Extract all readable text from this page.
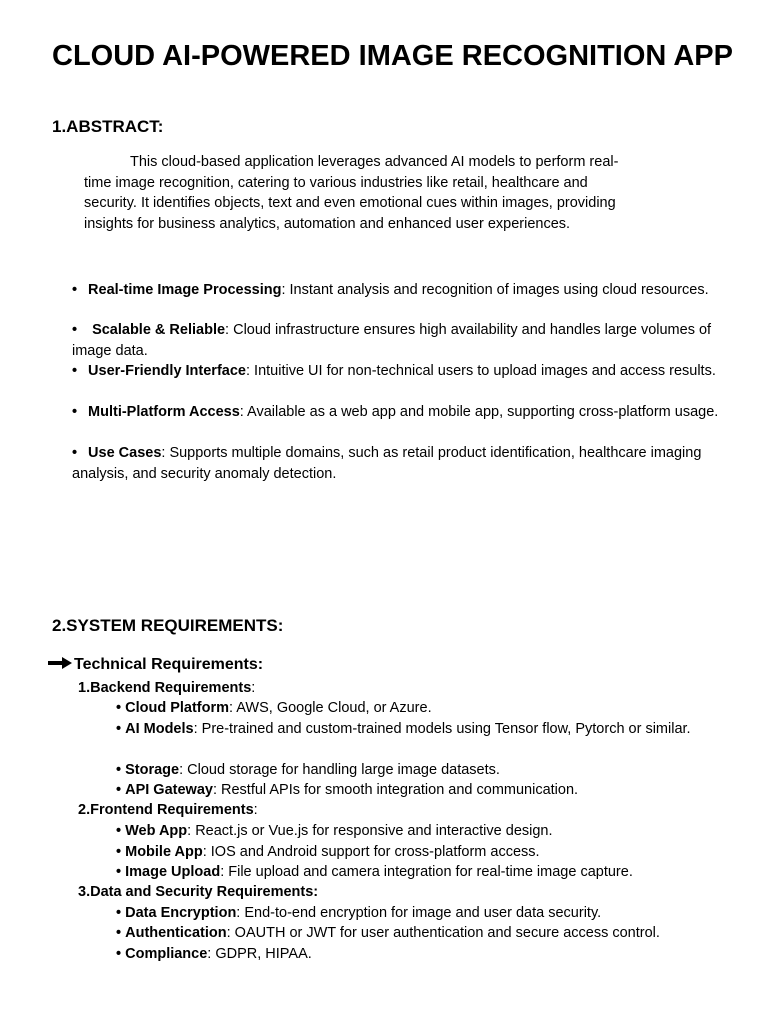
CLOUD AI-POWERED IMAGE RECOGNITION APP
1.ABSTRACT:
This cloud-based application leverages advanced AI models to perform real-time image recognition, catering to various industries like retail, healthcare and security. It identifies objects, text and even emotional cues within images, providing insights for business analytics, automation and enhanced user experiences.
• Real-time Image Processing: Instant analysis and recognition of images using cloud resources.
• Scalable & Reliable: Cloud infrastructure ensures high availability and handles large volumes of image data.
• User-Friendly Interface: Intuitive UI for non-technical users to upload images and access results.
• Multi-Platform Access: Available as a web app and mobile app, supporting cross-platform usage.
• Use Cases: Supports multiple domains, such as retail product identification, healthcare imaging analysis, and security anomaly detection.
2.SYSTEM REQUIREMENTS:
Technical Requirements:
1.Backend Requirements:
• Cloud Platform: AWS, Google Cloud, or Azure.
• AI Models: Pre-trained and custom-trained models using Tensor flow, Pytorch or similar.
• Storage: Cloud storage for handling large image datasets.
• API Gateway: Restful APIs for smooth integration and communication.
2.Frontend Requirements:
• Web App: React.js or Vue.js for responsive and interactive design.
• Mobile App: IOS and Android support for cross-platform access.
• Image Upload: File upload and camera integration for real-time image capture.
3.Data and Security Requirements:
• Data Encryption: End-to-end encryption for image and user data security.
• Authentication: OAUTH or JWT for user authentication and secure access control.
• Compliance: GDPR, HIPAA.
